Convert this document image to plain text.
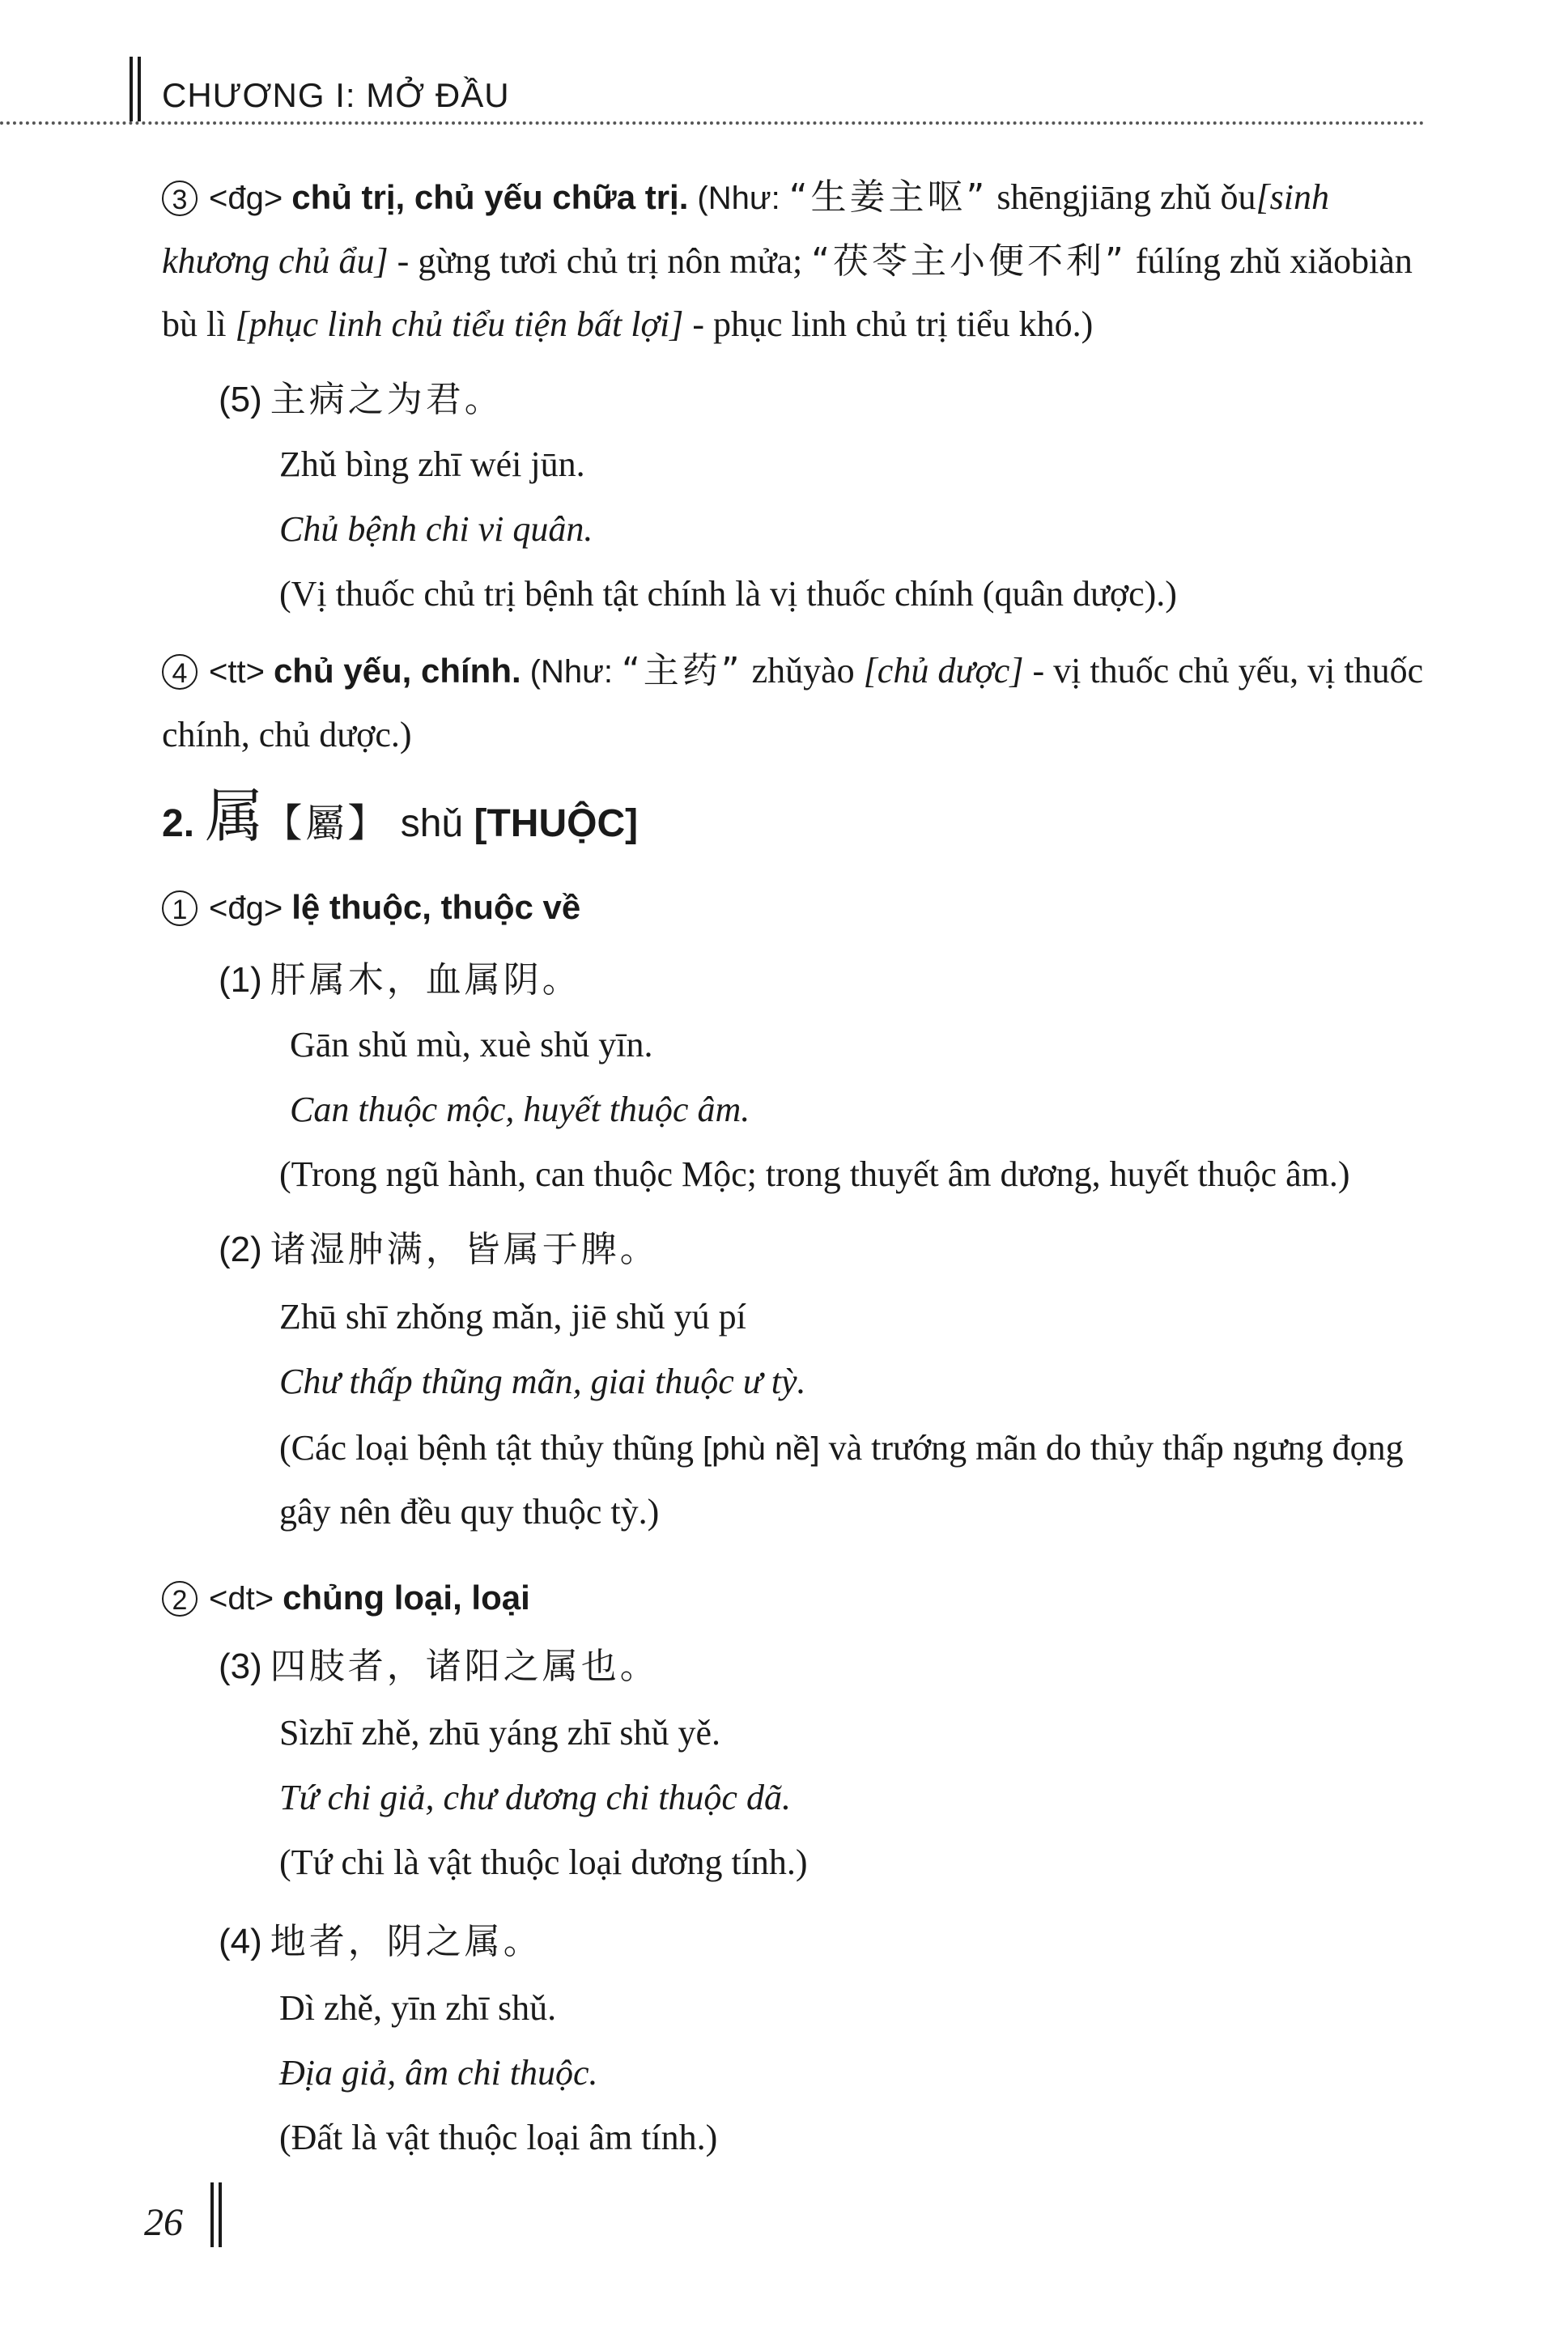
CHƯƠNG I: MỞ ĐẦU
3 <đg> chủ trị, chủ yếu chữa trị. (Như: “生姜主呕” shēngjiāng zhǔ ǒu[sinh khương chủ ẩu] - gừng tươi chủ trị nôn mửa; “茯苓主小便不利” fúlíng zhǔ xiǎobiàn bù lì [phục linh chủ tiểu tiện bất lợi] - phục linh chủ trị tiểu khó.)
(5) 主病之为君。
Zhǔ bìng zhī wéi jūn.
Chủ bệnh chi vi quân.
(Vị thuốc chủ trị bệnh tật chính là vị thuốc chính (quân dược).)
4 <tt> chủ yếu, chính. (Như: “主药” zhǔyào [chủ dược] - vị thuốc chủ yếu, vị thuốc chính, chủ dược.)
2. 属【屬】 shǔ [THUỘC]
1 <đg> lệ thuộc, thuộc về
(1) 肝属木，血属阴。
Gān shǔ mù, xuè shǔ yīn.
Can thuộc mộc, huyết thuộc âm.
(Trong ngũ hành, can thuộc Mộc; trong thuyết âm dương, huyết thuộc âm.)
(2) 诸湿肿满，皆属于脾。
Zhū shī zhǒng mǎn, jiē shǔ yú pí
Chư thấp thũng mãn, giai thuộc ư tỳ.
(Các loại bệnh tật thủy thũng [phù nề] và trướng mãn do thủy thấp ngưng đọng gây nên đều quy thuộc tỳ.)
2 <dt> chủng loại, loại
(3) 四肢者，诸阳之属也。
Sìzhī zhě, zhū yáng zhī shǔ yě.
Tứ chi giả, chư dương chi thuộc dã.
(Tứ chi là vật thuộc loại dương tính.)
(4) 地者，阴之属。
Dì zhě, yīn zhī shǔ.
Địa giả, âm chi thuộc.
(Đất là vật thuộc loại âm tính.)
26
